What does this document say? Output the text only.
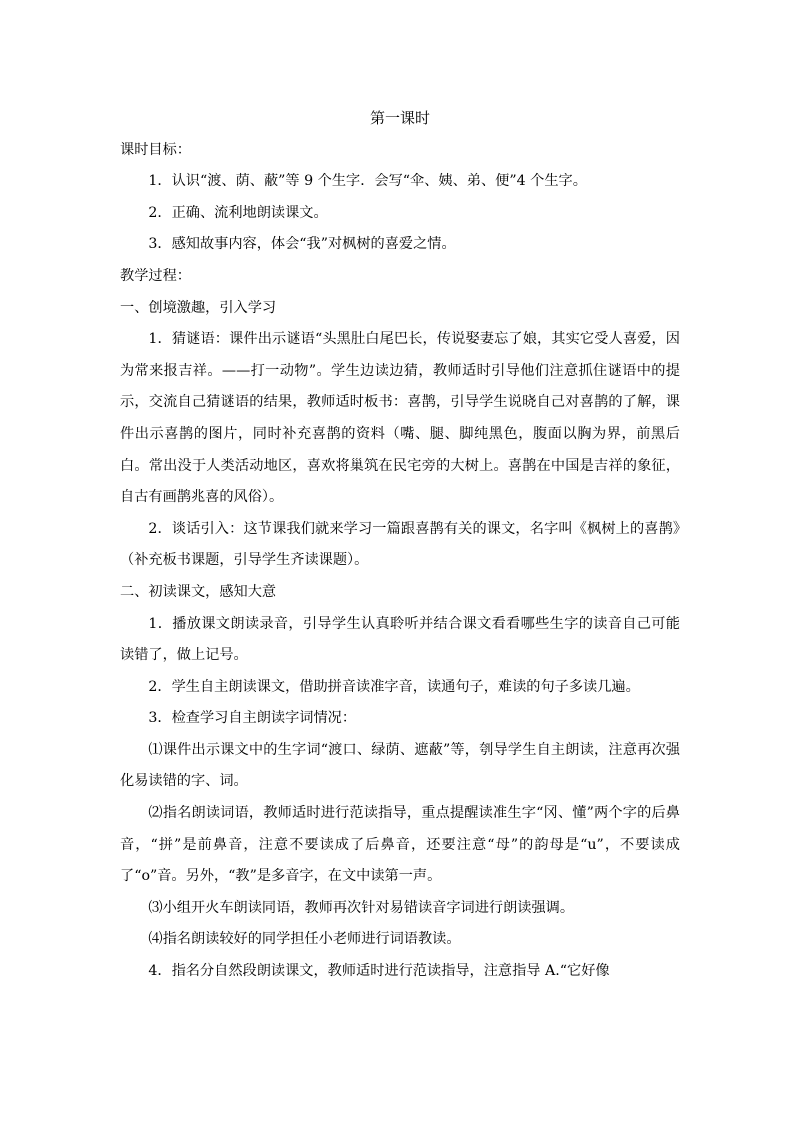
第一课时

课时目标：

1．认识“渡、荫、蔽”等 9 个生字．会写“伞、姨、弟、便”4 个生字。

2．正确、流利地朗读课文。

3．感知故事内容，体会“我”对枫树的喜爱之情。

教学过程：

一、创境激趣，引入学习

1．猜谜语：课件出示谜语“头黑肚白尾巴长，传说娶妻忘了娘，其实它受人喜爱，因为常来报吉祥。——打一动物”。学生边读边猜，教师适时引导他们注意抓住谜语中的提示，交流自己猜谜语的结果，教师适时板书：喜鹊，引导学生说晓自己对喜鹊的了解，课件出示喜鹊的图片，同时补充喜鹊的资料（嘴、腿、脚纯黑色，腹面以胸为界，前黑后白。常出没于人类活动地区，喜欢将巢筑在民宅旁的大树上。喜鹊在中国是吉祥的象征，自古有画鹊兆喜的风俗）。

2．谈话引入：这节课我们就来学习一篇跟喜鹊有关的课文，名字叫《枫树上的喜鹊》（补充板书课题，引导学生齐读课题）。

二、初读课文，感知大意

1．播放课文朗读录音，引导学生认真聆听并结合课文看看哪些生字的读音自己可能读错了，做上记号。

2．学生自主朗读课文，借助拼音读准字音，读通句子，难读的句子多读几遍。

3．检查学习自主朗读字词情况：

⑴课件出示课文中的生字词“渡口、绿荫、遮蔽”等，刳导学生自主朗读，注意再次强化易读错的字、词。

⑵指名朗读词语，教师适时进行范读指导，重点提醒读准生字“冈、懂”两个字的后鼻音，“拼”是前鼻音，注意不要读成了后鼻音，还要注意“母”的韵母是“u”，不要读成了“o”音。另外，“教”是多音字，在文中读第一声。

⑶小组开火车朗读同语，教师再次针对易错读音字词进行朗读强调。

⑷指名朗读较好的同学担任小老师进行词语教读。

4．指名分自然段朗读课文，教师适时进行范读指导，注意指导 A.“它好像
